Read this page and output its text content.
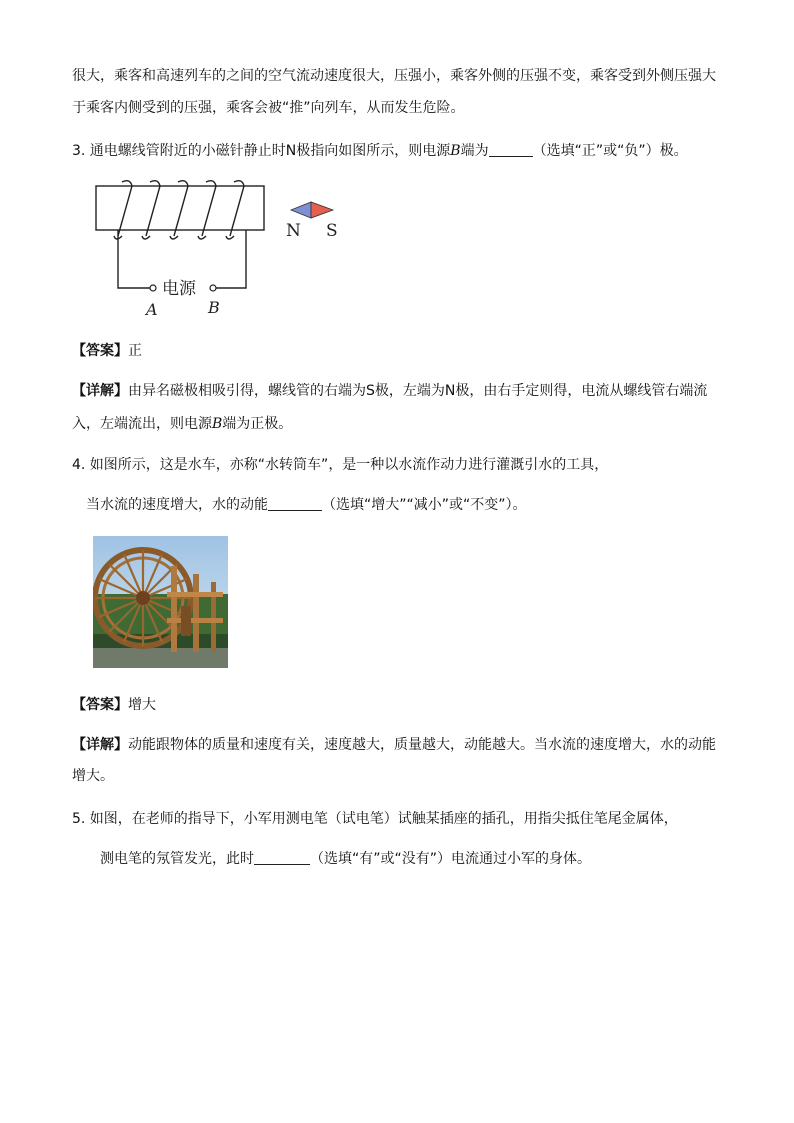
很大，乘客和高速列车的之间的空气流动速度很大，压强小，乘客外侧的压强不变，乘客受到外侧压强大
于乘客内侧受到的压强，乘客会被“推”向列车，从而发生危险。
3. 通电螺线管附近的小磁针静止时N极指向如图所示，则电源B端为	（选填“正”或“负”）极。
电源
A	B
N S
【答案】正
【详解】由异名磁极相吸引得，螺线管的右端为S极，左端为N极，由右手定则得，电流从螺线管右端流
入，左端流出，则电源B端为正极。
4. 如图所示，这是水车，亦称“水转筒车”，是一种以水流作动力进行灌溉引水的工具，
当水流的速度增大，水的动能	（选填“增大”“减小”或“不变”）。
【答案】增大
【详解】动能跟物体的质量和速度有关，速度越大，质量越大，动能越大。当水流的速度增大，水的动能
增大。
5. 如图，在老师的指导下，小军用测电笔（试电笔）试触某插座的插孔，用指尖抵住笔尾金属体，
测电笔的氖管发光，此时	（选填“有”或“没有”）电流通过小军的身体。
